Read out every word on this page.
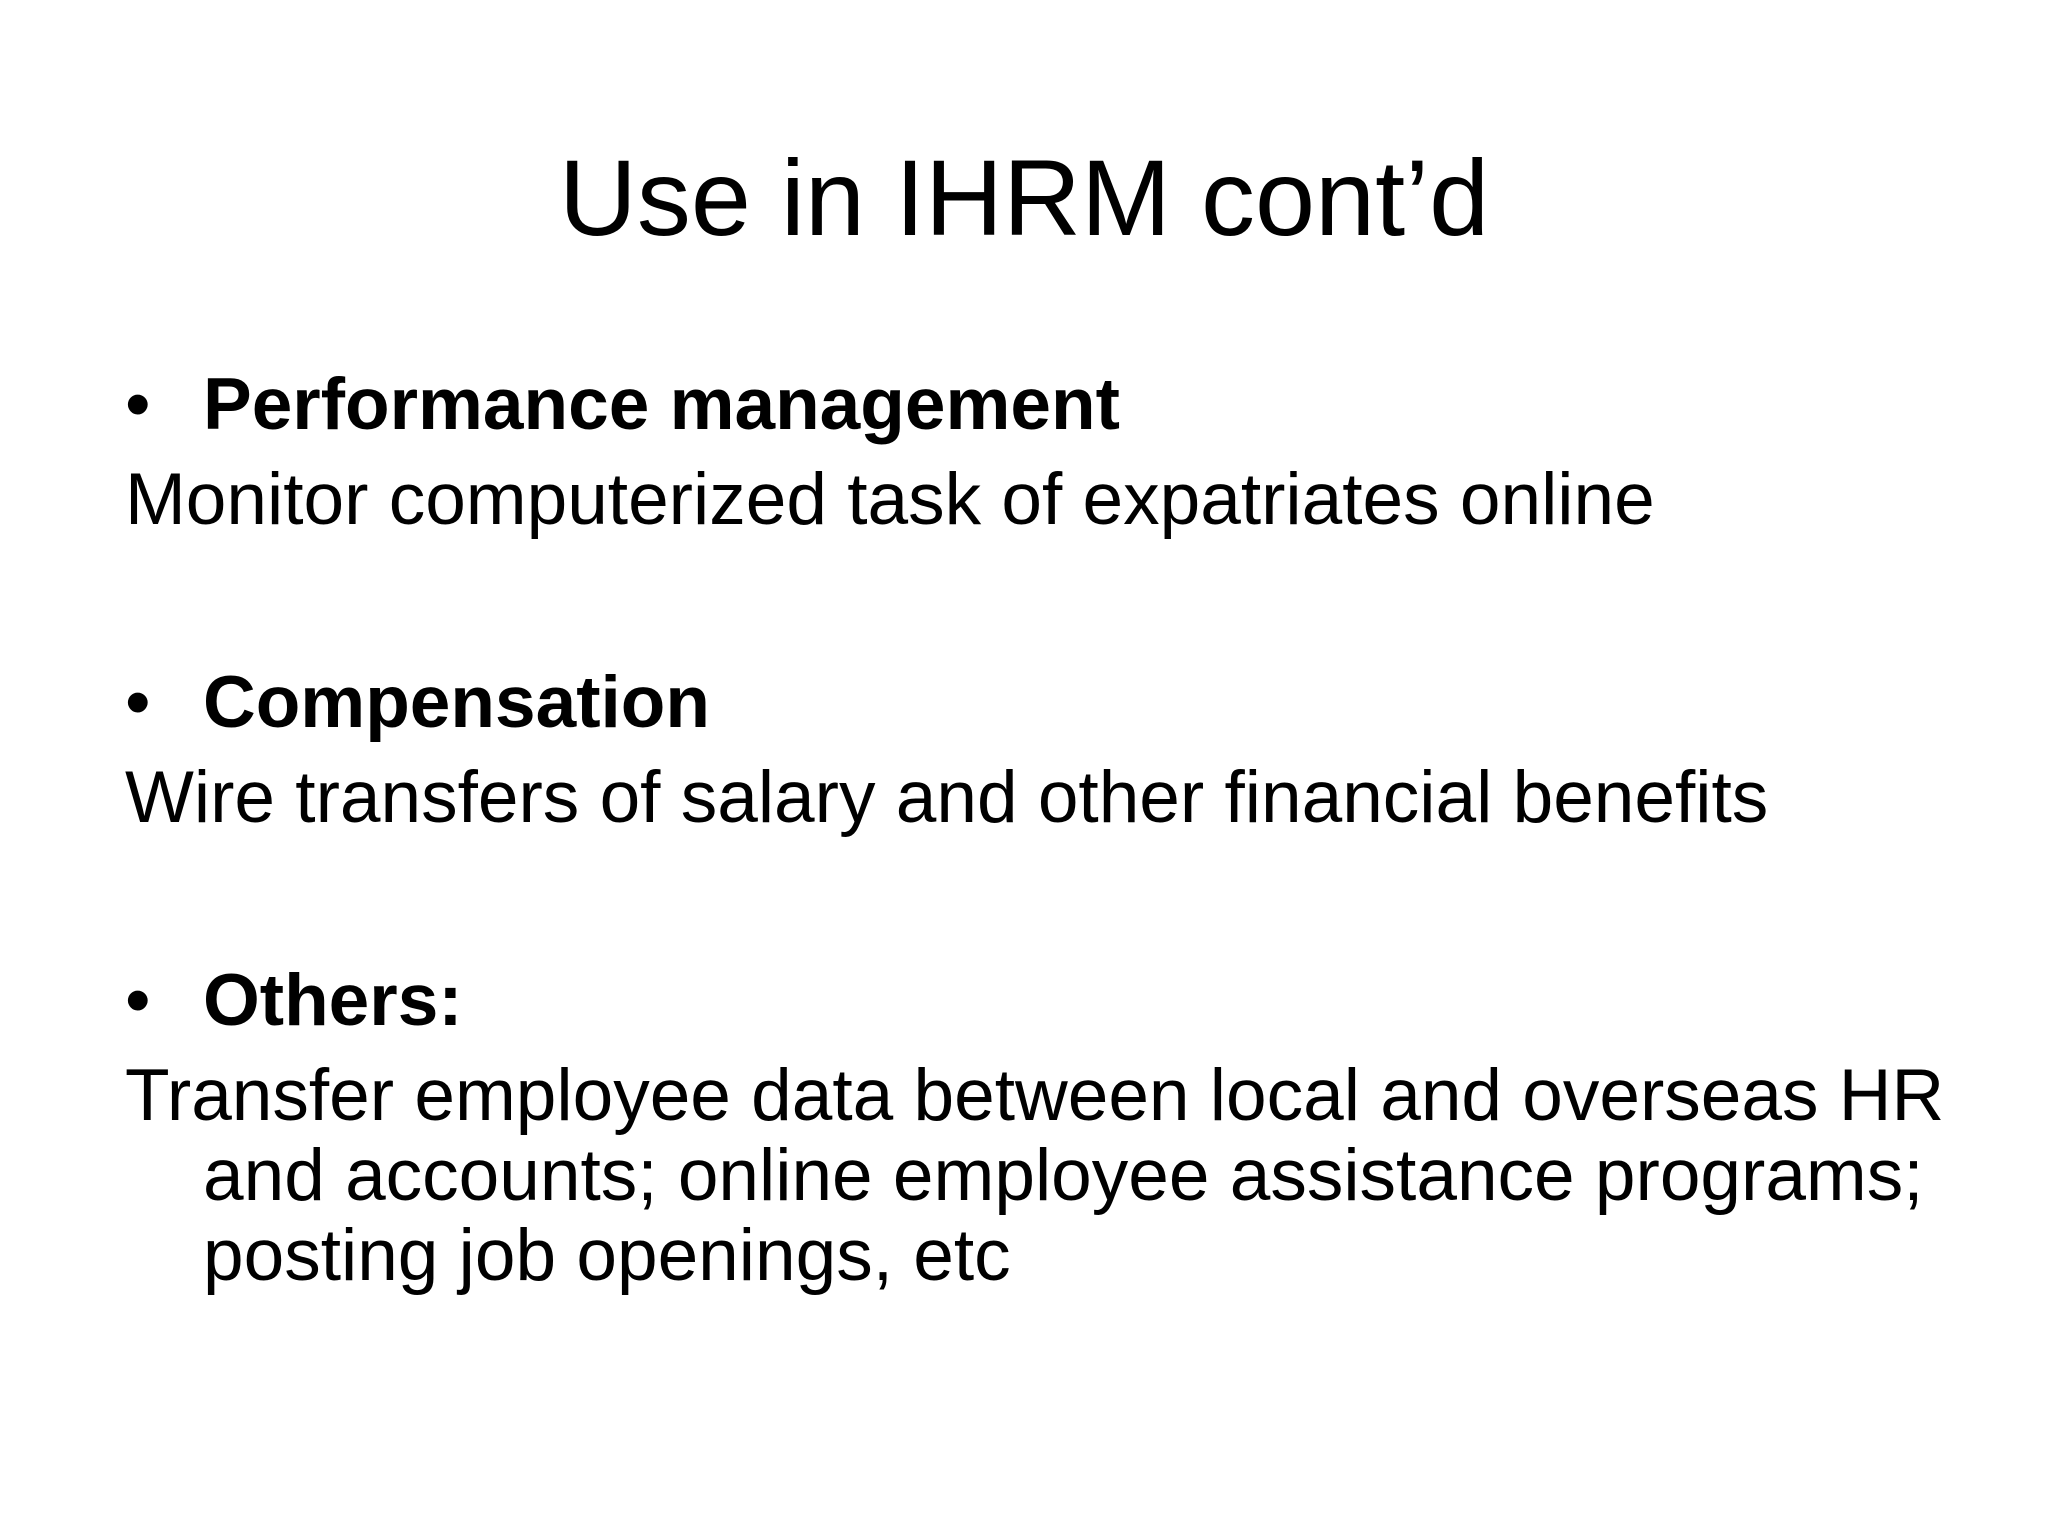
Use in IHRM cont’d
• Performance management
Monitor computerized task of expatriates online
• Compensation
Wire transfers of salary and other financial benefits
• Others:
Transfer employee data between local and overseas HR and accounts; online employee assistance programs; posting job openings, etc
